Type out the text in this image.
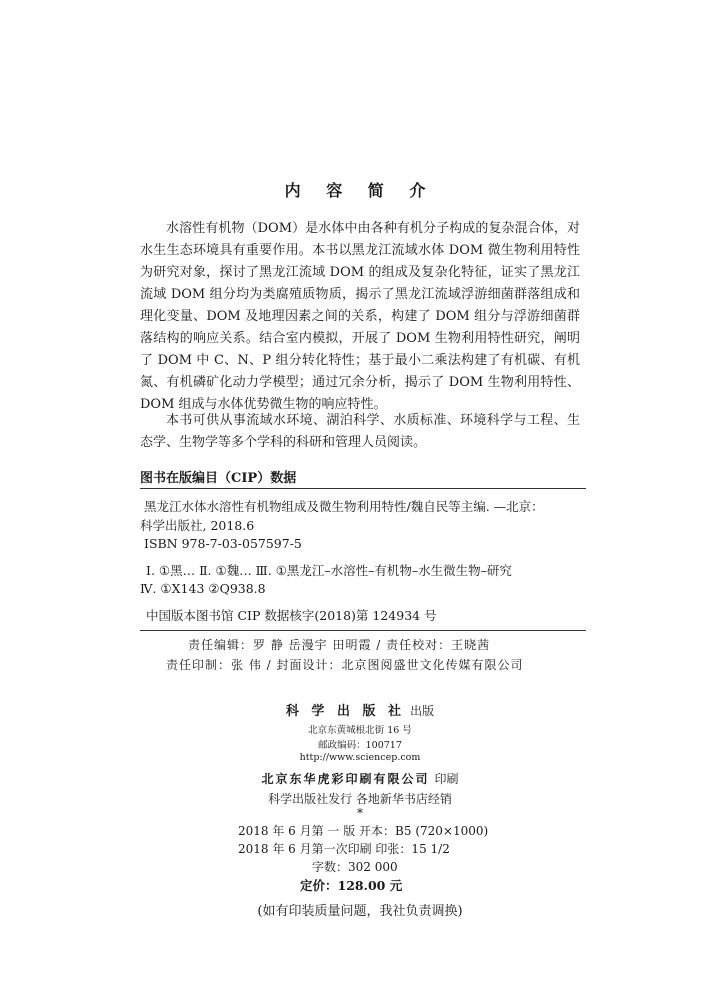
内 容 简 介

水溶性有机物（DOM）是水体中由各种有机分子构成的复杂混合体，对水生生态环境具有重要作用。本书以黑龙江流域水体 DOM 微生物利用特性为研究对象，探讨了黑龙江流域 DOM 的组成及复杂化特征，证实了黑龙江流域 DOM 组分均为类腐殖质物质，揭示了黑龙江流域浮游细菌群落组成和理化变量、DOM 及地理因素之间的关系，构建了 DOM 组分与浮游细菌群落结构的响应关系。结合室内模拟，开展了 DOM 生物利用特性研究，阐明了 DOM 中 C、N、P 组分转化特性；基于最小二乘法构建了有机碳、有机氮、有机磷矿化动力学模型；通过冗余分析，揭示了 DOM 生物利用特性、DOM 组成与水体优势微生物的响应特性。

本书可供从事流域水环境、湖泊科学、水质标准、环境科学与工程、生态学、生物学等多个学科的科研和管理人员阅读。

图书在版编目（CIP）数据
黑龙江水体水溶性有机物组成及微生物利用特性/魏自民等主编. —北京：
科学出版社, 2018.6
ISBN 978-7-03-057597-5
Ⅰ. ①黑… Ⅱ. ①魏… Ⅲ. ①黑龙江–水溶性–有机物–水生微生物–研究
Ⅳ. ①X143 ②Q938.8
中国版本图书馆 CIP 数据核字(2018)第 124934 号
责任编辑：罗 静 岳漫宇 田明霞 / 责任校对：王晓茜
责任印制：张 伟 / 封面设计：北京图阅盛世文化传媒有限公司
科 学 出 版 社 出版
北京东黄城根北街 16 号
邮政编码：100717
http://www.sciencep.com
北京东华虎彩印刷有限公司 印刷
科学出版社发行 各地新华书店经销
*
2018 年 6 月第 一 版 开本：B5 (720×1000)
2018 年 6 月第一次印刷 印张：15 1/2
字数：302 000
定价：128.00 元
(如有印装质量问题，我社负责调换)
